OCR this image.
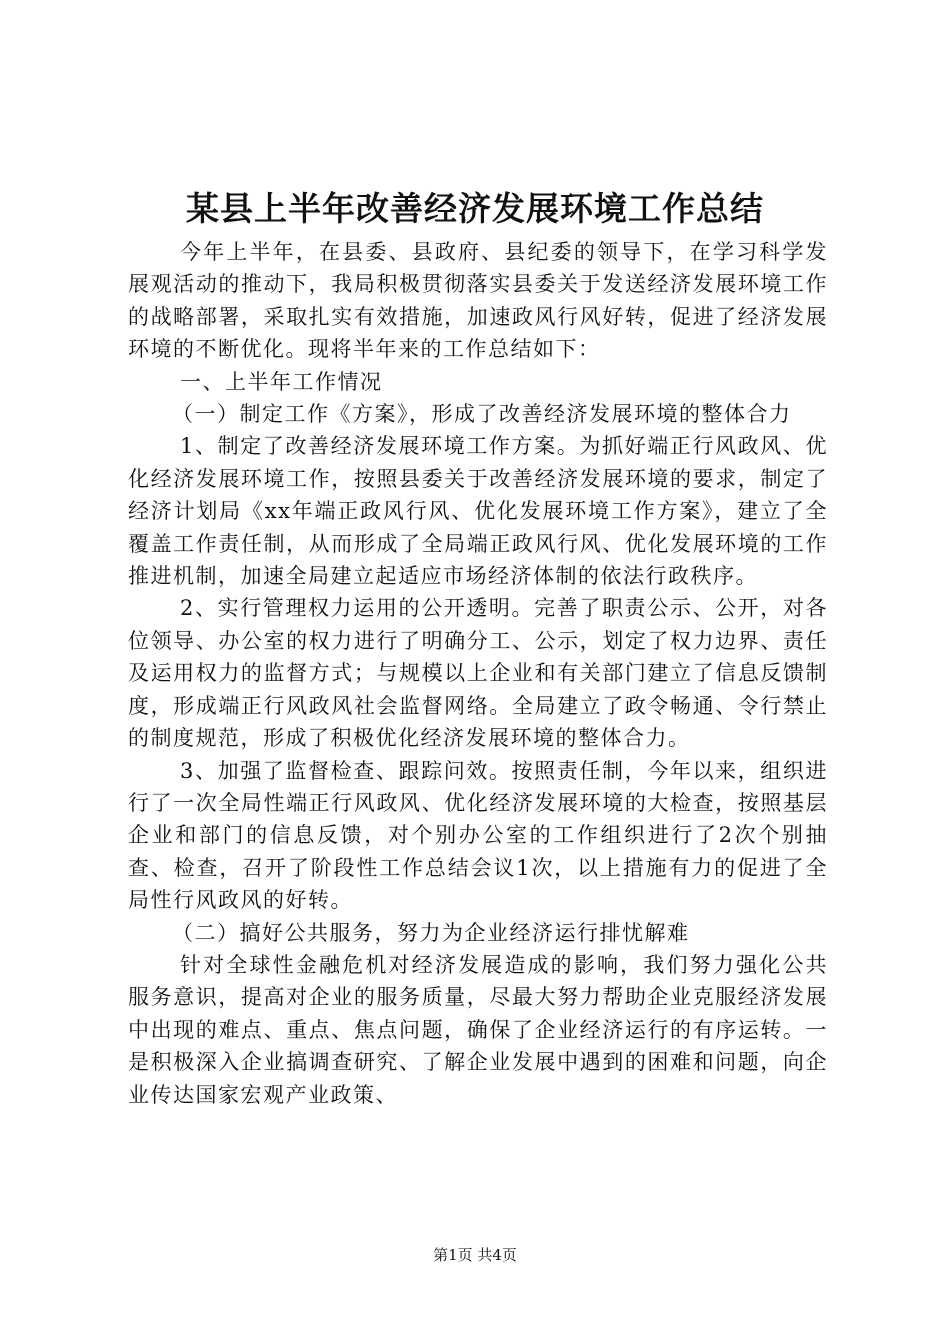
某县上半年改善经济发展环境工作总结

今年上半年，在县委、县政府、县纪委的领导下，在学习科学发展观活动的推动下，我局积极贯彻落实县委关于发送经济发展环境工作的战略部署，采取扎实有效措施，加速政风行风好转，促进了经济发展环境的不断优化。现将半年来的工作总结如下：

一、上半年工作情况

（一）制定工作《方案》，形成了改善经济发展环境的整体合力

1、制定了改善经济发展环境工作方案。为抓好端正行风政风、优化经济发展环境工作，按照县委关于改善经济发展环境的要求，制定了经济计划局《xx年端正政风行风、优化发展环境工作方案》，建立了全覆盖工作责任制，从而形成了全局端正政风行风、优化发展环境的工作推进机制，加速全局建立起适应市场经济体制的依法行政秩序。

2、实行管理权力运用的公开透明。完善了职责公示、公开，对各位领导、办公室的权力进行了明确分工、公示，划定了权力边界、责任及运用权力的监督方式；与规模以上企业和有关部门建立了信息反馈制度，形成端正行风政风社会监督网络。全局建立了政令畅通、令行禁止的制度规范，形成了积极优化经济发展环境的整体合力。

3、加强了监督检查、跟踪问效。按照责任制，今年以来，组织进行了一次全局性端正行风政风、优化经济发展环境的大检查，按照基层企业和部门的信息反馈，对个别办公室的工作组织进行了2次个别抽查、检查，召开了阶段性工作总结会议1次，以上措施有力的促进了全局性行风政风的好转。

（二）搞好公共服务，努力为企业经济运行排忧解难

针对全球性金融危机对经济发展造成的影响，我们努力强化公共服务意识，提高对企业的服务质量，尽最大努力帮助企业克服经济发展中出现的难点、重点、焦点问题，确保了企业经济运行的有序运转。一是积极深入企业搞调查研究、了解企业发展中遇到的困难和问题，向企业传达国家宏观产业政策、

第1页 共4页
